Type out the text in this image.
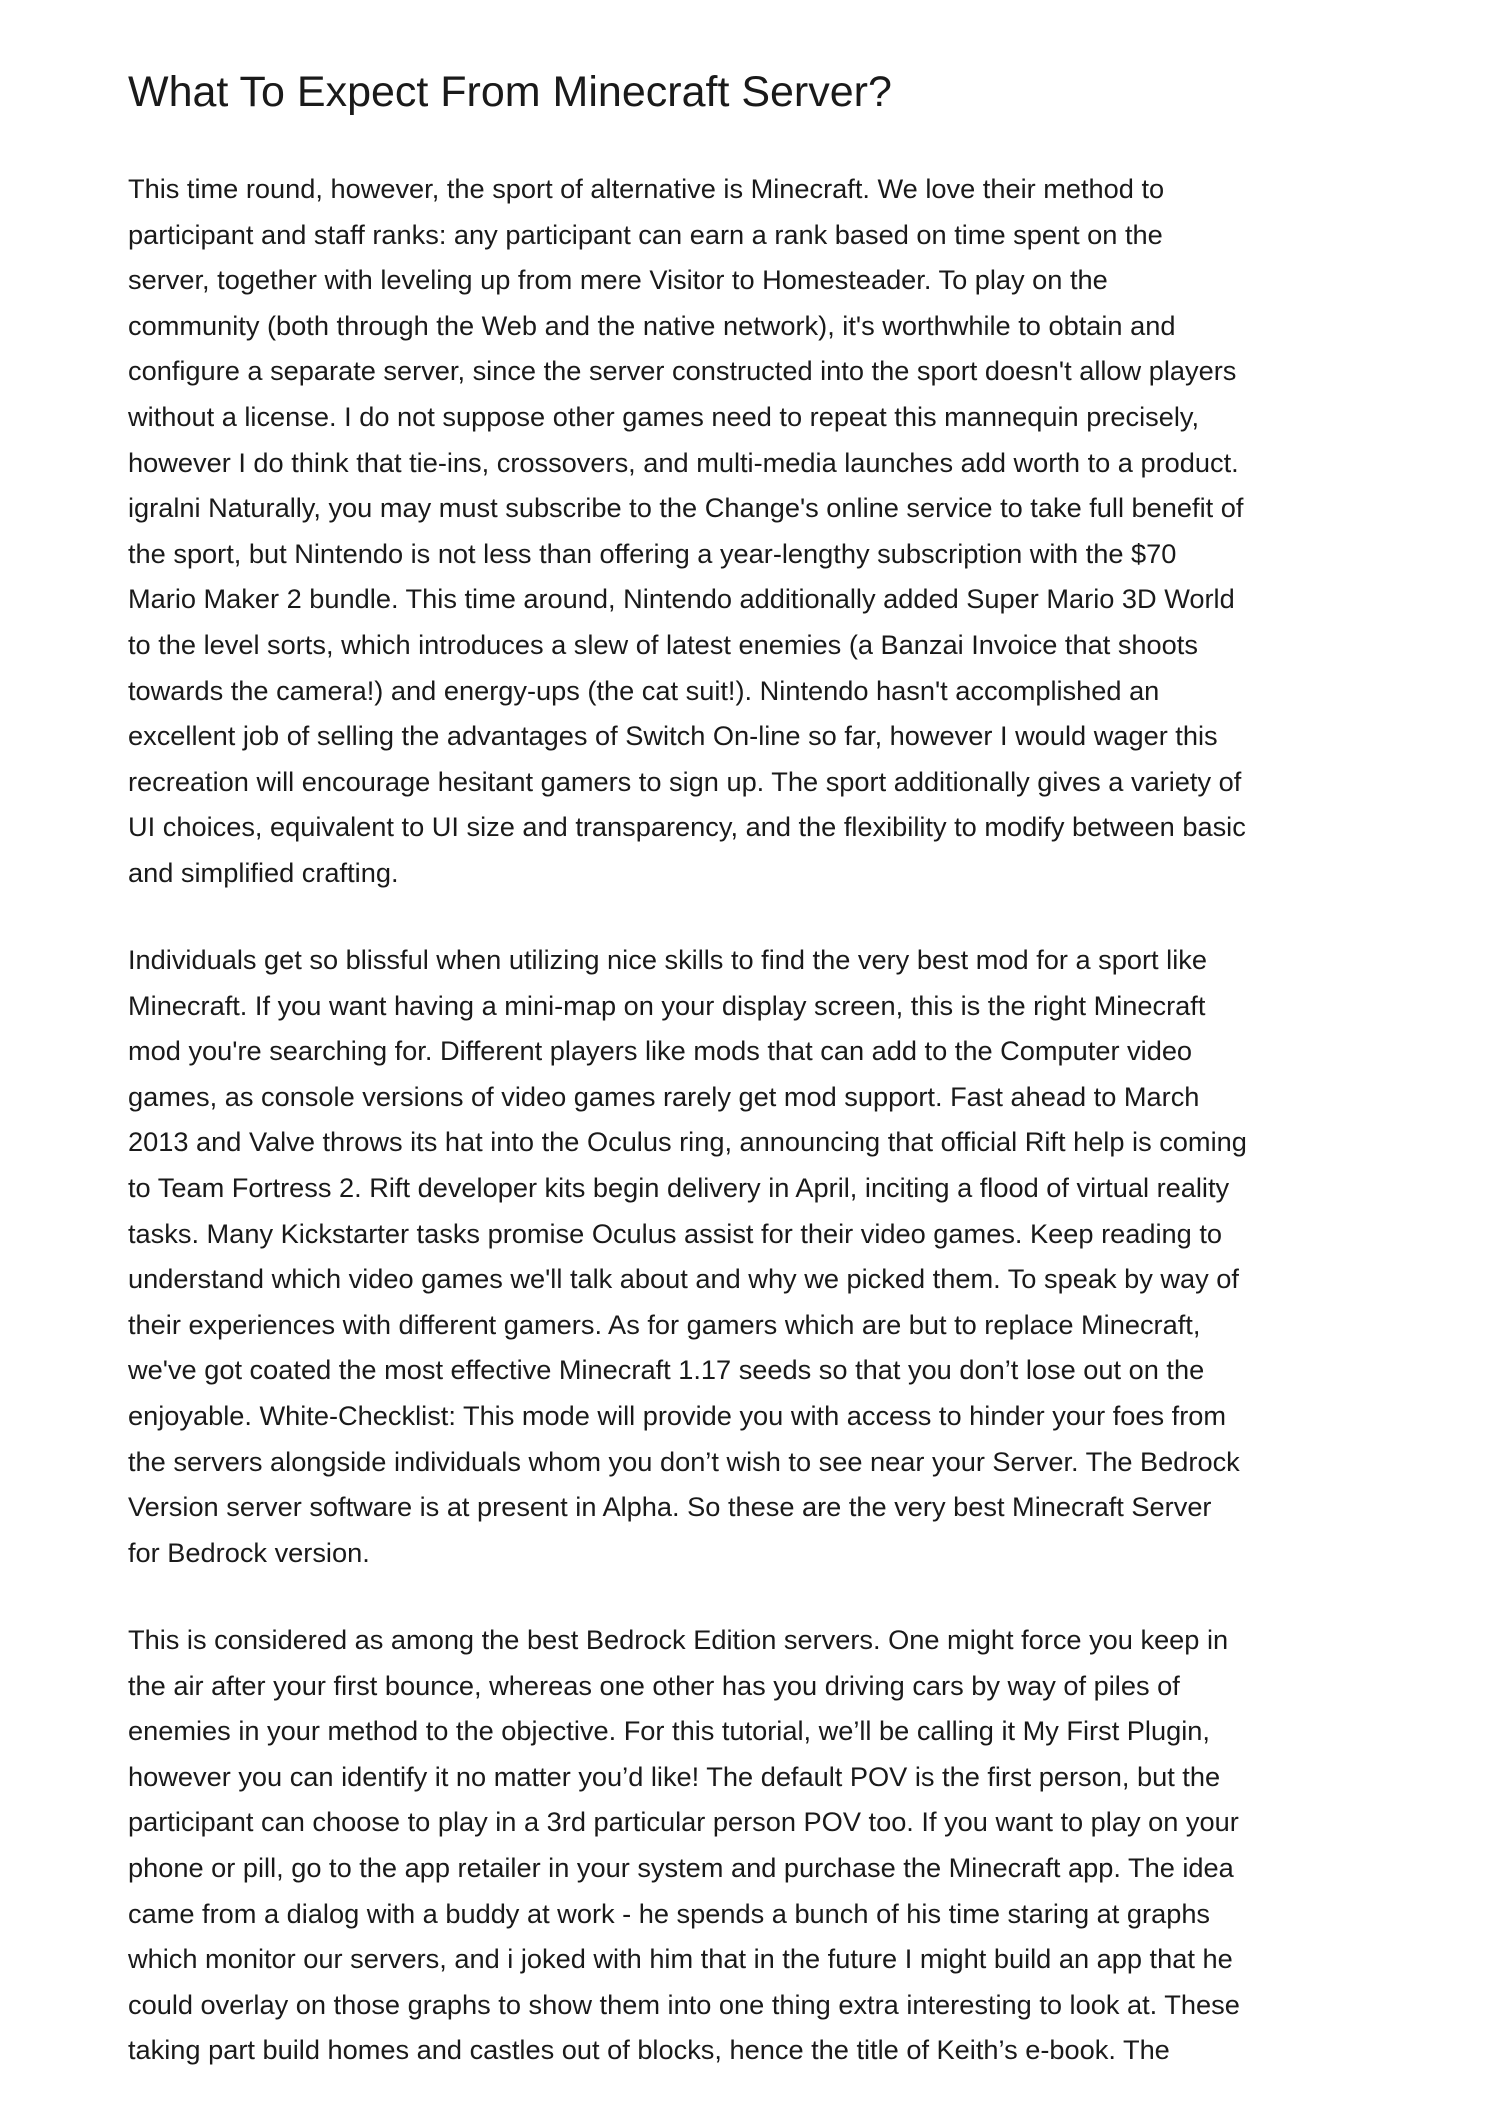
What To Expect From Minecraft Server?

This time round, however, the sport of alternative is Minecraft. We love their method to
participant and staff ranks: any participant can earn a rank based on time spent on the
server, together with leveling up from mere Visitor to Homesteader. To play on the
community (both through the Web and the native network), it's worthwhile to obtain and
configure a separate server, since the server constructed into the sport doesn't allow players
without a license. I do not suppose other games need to repeat this mannequin precisely,
however I do think that tie-ins, crossovers, and multi-media launches add worth to a product.
igralni Naturally, you may must subscribe to the Change's online service to take full benefit of
the sport, but Nintendo is not less than offering a year-lengthy subscription with the $70
Mario Maker 2 bundle. This time around, Nintendo additionally added Super Mario 3D World
to the level sorts, which introduces a slew of latest enemies (a Banzai Invoice that shoots
towards the camera!) and energy-ups (the cat suit!). Nintendo hasn't accomplished an
excellent job of selling the advantages of Switch On-line so far, however I would wager this
recreation will encourage hesitant gamers to sign up. The sport additionally gives a variety of
UI choices, equivalent to UI size and transparency, and the flexibility to modify between basic
and simplified crafting.

Individuals get so blissful when utilizing nice skills to find the very best mod for a sport like
Minecraft. If you want having a mini-map on your display screen, this is the right Minecraft
mod you're searching for. Different players like mods that can add to the Computer video
games, as console versions of video games rarely get mod support. Fast ahead to March
2013 and Valve throws its hat into the Oculus ring, announcing that official Rift help is coming
to Team Fortress 2. Rift developer kits begin delivery in April, inciting a flood of virtual reality
tasks. Many Kickstarter tasks promise Oculus assist for their video games. Keep reading to
understand which video games we'll talk about and why we picked them. To speak by way of
their experiences with different gamers. As for gamers which are but to replace Minecraft,
we've got coated the most effective Minecraft 1.17 seeds so that you don’t lose out on the
enjoyable. White-Checklist: This mode will provide you with access to hinder your foes from
the servers alongside individuals whom you don’t wish to see near your Server. The Bedrock
Version server software is at present in Alpha. So these are the very best Minecraft Server
for Bedrock version.

This is considered as among the best Bedrock Edition servers. One might force you keep in
the air after your first bounce, whereas one other has you driving cars by way of piles of
enemies in your method to the objective. For this tutorial, we’ll be calling it My First Plugin,
however you can identify it no matter you’d like! The default POV is the first person, but the
participant can choose to play in a 3rd particular person POV too. If you want to play on your
phone or pill, go to the app retailer in your system and purchase the Minecraft app. The idea
came from a dialog with a buddy at work - he spends a bunch of his time staring at graphs
which monitor our servers, and i joked with him that in the future I might build an app that he
could overlay on those graphs to show them into one thing extra interesting to look at. These
taking part build homes and castles out of blocks, hence the title of Keith’s e-book. The
